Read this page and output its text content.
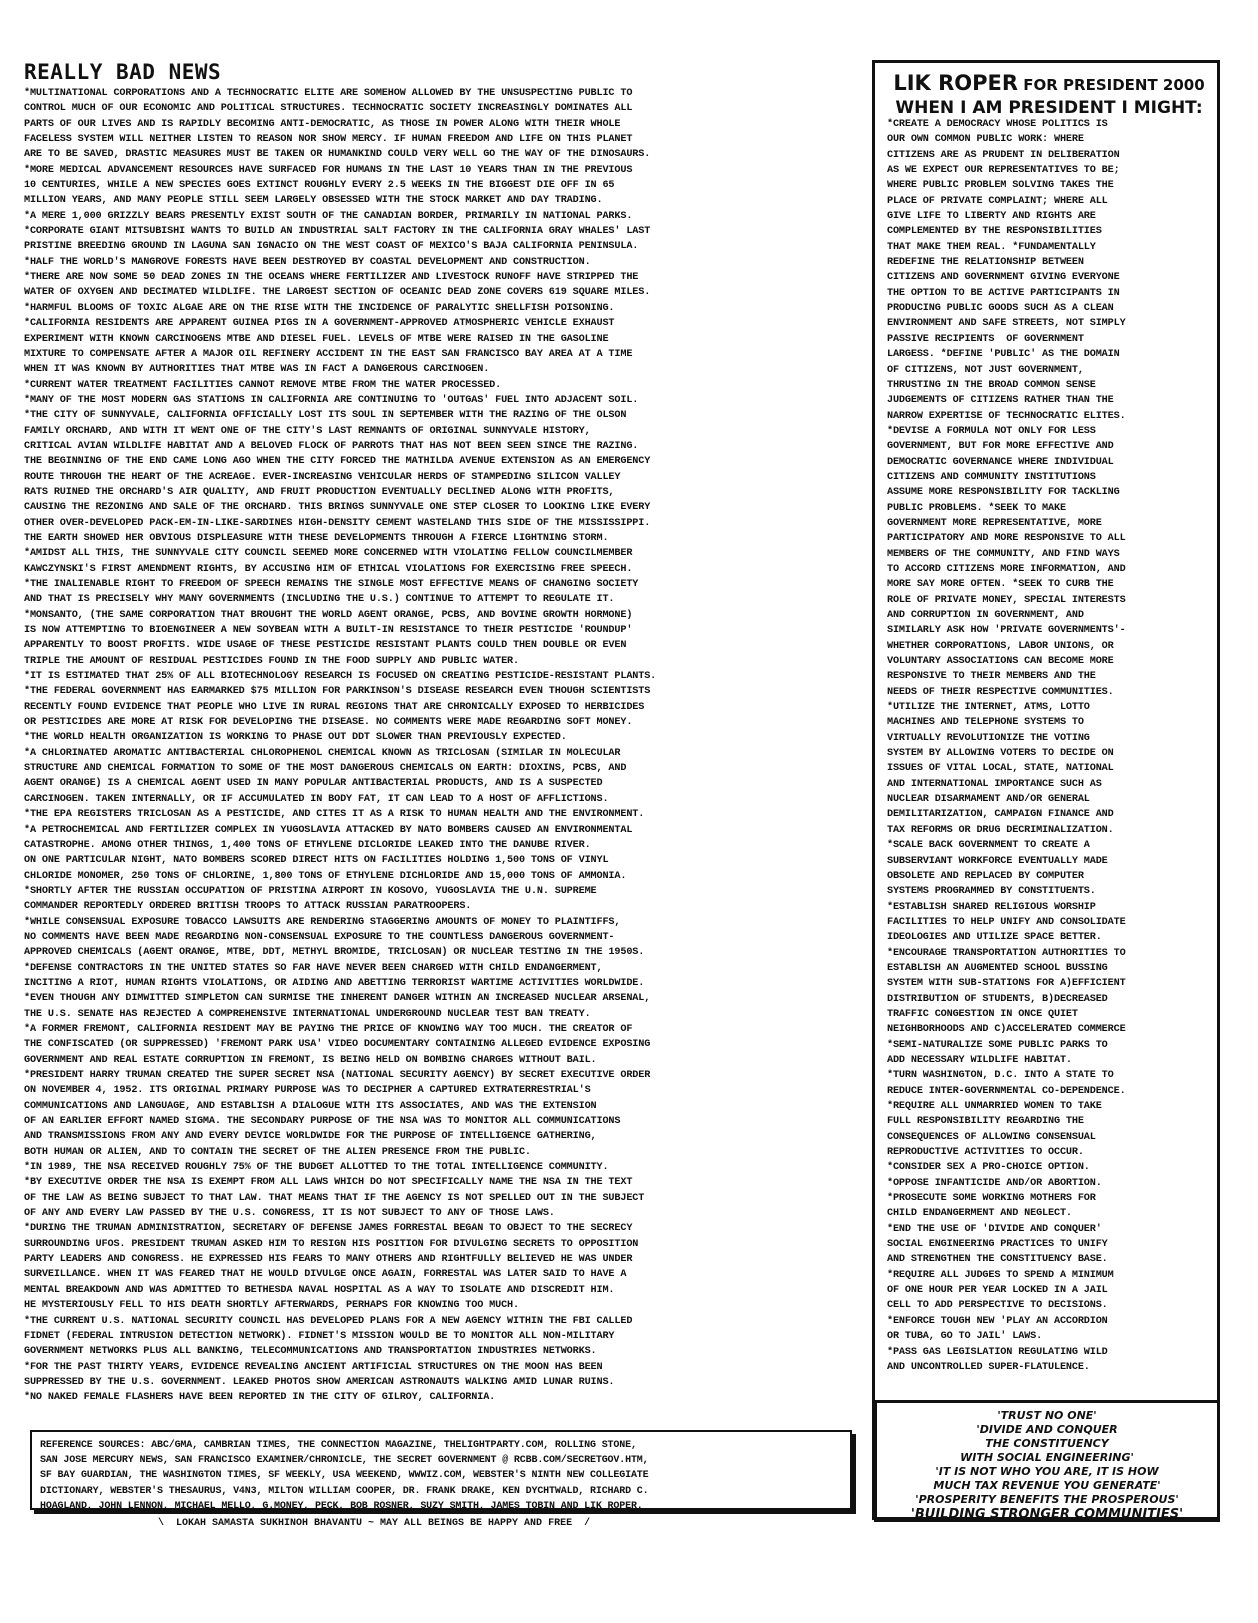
REALLY BAD NEWS
*MULTINATIONAL CORPORATIONS AND A TECHNOCRATIC ELITE ARE SOMEHOW ALLOWED BY THE UNSUSPECTING PUBLIC TO
CONTROL MUCH OF OUR ECONOMIC AND POLITICAL STRUCTURES. TECHNOCRATIC SOCIETY INCREASINGLY DOMINATES ALL
PARTS OF OUR LIVES AND IS RAPIDLY BECOMING ANTI-DEMOCRATIC, AS THOSE IN POWER ALONG WITH THEIR WHOLE
FACELESS SYSTEM WILL NEITHER LISTEN TO REASON NOR SHOW MERCY. IF HUMAN FREEDOM AND LIFE ON THIS PLANET
ARE TO BE SAVED, DRASTIC MEASURES MUST BE TAKEN OR HUMANKIND COULD VERY WELL GO THE WAY OF THE DINOSAURS.
*MORE MEDICAL ADVANCEMENT RESOURCES HAVE SURFACED FOR HUMANS IN THE LAST 10 YEARS THAN IN THE PREVIOUS
10 CENTURIES, WHILE A NEW SPECIES GOES EXTINCT ROUGHLY EVERY 2.5 WEEKS IN THE BIGGEST DIE OFF IN 65
MILLION YEARS, AND MANY PEOPLE STILL SEEM LARGELY OBSESSED WITH THE STOCK MARKET AND DAY TRADING.
*A MERE 1,000 GRIZZLY BEARS PRESENTLY EXIST SOUTH OF THE CANADIAN BORDER, PRIMARILY IN NATIONAL PARKS.
*CORPORATE GIANT MITSUBISHI WANTS TO BUILD AN INDUSTRIAL SALT FACTORY IN THE CALIFORNIA GRAY WHALES' LAST
PRISTINE BREEDING GROUND IN LAGUNA SAN IGNACIO ON THE WEST COAST OF MEXICO'S BAJA CALIFORNIA PENINSULA.
*HALF THE WORLD'S MANGROVE FORESTS HAVE BEEN DESTROYED BY COASTAL DEVELOPMENT AND CONSTRUCTION.
*THERE ARE NOW SOME 50 DEAD ZONES IN THE OCEANS WHERE FERTILIZER AND LIVESTOCK RUNOFF HAVE STRIPPED THE
WATER OF OXYGEN AND DECIMATED WILDLIFE. THE LARGEST SECTION OF OCEANIC DEAD ZONE COVERS 619 SQUARE MILES.
*HARMFUL BLOOMS OF TOXIC ALGAE ARE ON THE RISE WITH THE INCIDENCE OF PARALYTIC SHELLFISH POISONING.
*CALIFORNIA RESIDENTS ARE APPARENT GUINEA PIGS IN A GOVERNMENT-APPROVED ATMOSPHERIC VEHICLE EXHAUST
EXPERIMENT WITH KNOWN CARCINOGENS MTBE AND DIESEL FUEL. LEVELS OF MTBE WERE RAISED IN THE GASOLINE
MIXTURE TO COMPENSATE AFTER A MAJOR OIL REFINERY ACCIDENT IN THE EAST SAN FRANCISCO BAY AREA AT A TIME
WHEN IT WAS KNOWN BY AUTHORITIES THAT MTBE WAS IN FACT A DANGEROUS CARCINOGEN.
*CURRENT WATER TREATMENT FACILITIES CANNOT REMOVE MTBE FROM THE WATER PROCESSED.
*MANY OF THE MOST MODERN GAS STATIONS IN CALIFORNIA ARE CONTINUING TO 'OUTGAS' FUEL INTO ADJACENT SOIL.
*THE CITY OF SUNNYVALE, CALIFORNIA OFFICIALLY LOST ITS SOUL IN SEPTEMBER WITH THE RAZING OF THE OLSON
FAMILY ORCHARD, AND WITH IT WENT ONE OF THE CITY'S LAST REMNANTS OF ORIGINAL SUNNYVALE HISTORY,
CRITICAL AVIAN WILDLIFE HABITAT AND A BELOVED FLOCK OF PARROTS THAT HAS NOT BEEN SEEN SINCE THE RAZING.
THE BEGINNING OF THE END CAME LONG AGO WHEN THE CITY FORCED THE MATHILDA AVENUE EXTENSION AS AN EMERGENCY
ROUTE THROUGH THE HEART OF THE ACREAGE. EVER-INCREASING VEHICULAR HERDS OF STAMPEDING SILICON VALLEY
RATS RUINED THE ORCHARD'S AIR QUALITY, AND FRUIT PRODUCTION EVENTUALLY DECLINED ALONG WITH PROFITS,
CAUSING THE REZONING AND SALE OF THE ORCHARD. THIS BRINGS SUNNYVALE ONE STEP CLOSER TO LOOKING LIKE EVERY
OTHER OVER-DEVELOPED PACK-EM-IN-LIKE-SARDINES HIGH-DENSITY CEMENT WASTELAND THIS SIDE OF THE MISSISSIPPI.
THE EARTH SHOWED HER OBVIOUS DISPLEASURE WITH THESE DEVELOPMENTS THROUGH A FIERCE LIGHTNING STORM.
*AMIDST ALL THIS, THE SUNNYVALE CITY COUNCIL SEEMED MORE CONCERNED WITH VIOLATING FELLOW COUNCILMEMBER
KAWCZYNSKI'S FIRST AMENDMENT RIGHTS, BY ACCUSING HIM OF ETHICAL VIOLATIONS FOR EXERCISING FREE SPEECH.
*THE INALIENABLE RIGHT TO FREEDOM OF SPEECH REMAINS THE SINGLE MOST EFFECTIVE MEANS OF CHANGING SOCIETY
AND THAT IS PRECISELY WHY MANY GOVERNMENTS (INCLUDING THE U.S.) CONTINUE TO ATTEMPT TO REGULATE IT.
*MONSANTO, (THE SAME CORPORATION THAT BROUGHT THE WORLD AGENT ORANGE, PCBS, AND BOVINE GROWTH HORMONE)
IS NOW ATTEMPTING TO BIOENGINEER A NEW SOYBEAN WITH A BUILT-IN RESISTANCE TO THEIR PESTICIDE 'ROUNDUP'
APPARENTLY TO BOOST PROFITS. WIDE USAGE OF THESE PESTICIDE RESISTANT PLANTS COULD THEN DOUBLE OR EVEN
TRIPLE THE AMOUNT OF RESIDUAL PESTICIDES FOUND IN THE FOOD SUPPLY AND PUBLIC WATER.
*IT IS ESTIMATED THAT 25% OF ALL BIOTECHNOLOGY RESEARCH IS FOCUSED ON CREATING PESTICIDE-RESISTANT PLANTS.
*THE FEDERAL GOVERNMENT HAS EARMARKED $75 MILLION FOR PARKINSON'S DISEASE RESEARCH EVEN THOUGH SCIENTISTS
RECENTLY FOUND EVIDENCE THAT PEOPLE WHO LIVE IN RURAL REGIONS THAT ARE CHRONICALLY EXPOSED TO HERBICIDES
OR PESTICIDES ARE MORE AT RISK FOR DEVELOPING THE DISEASE. NO COMMENTS WERE MADE REGARDING SOFT MONEY.
*THE WORLD HEALTH ORGANIZATION IS WORKING TO PHASE OUT DDT SLOWER THAN PREVIOUSLY EXPECTED.
*A CHLORINATED AROMATIC ANTIBACTERIAL CHLOROPHENOL CHEMICAL KNOWN AS TRICLOSAN (SIMILAR IN MOLECULAR
STRUCTURE AND CHEMICAL FORMATION TO SOME OF THE MOST DANGEROUS CHEMICALS ON EARTH: DIOXINS, PCBS, AND
AGENT ORANGE) IS A CHEMICAL AGENT USED IN MANY POPULAR ANTIBACTERIAL PRODUCTS, AND IS A SUSPECTED
CARCINOGEN. TAKEN INTERNALLY, OR IF ACCUMULATED IN BODY FAT, IT CAN LEAD TO A HOST OF AFFLICTIONS.
*THE EPA REGISTERS TRICLOSAN AS A PESTICIDE, AND CITES IT AS A RISK TO HUMAN HEALTH AND THE ENVIRONMENT.
*A PETROCHEMICAL AND FERTILIZER COMPLEX IN YUGOSLAVIA ATTACKED BY NATO BOMBERS CAUSED AN ENVIRONMENTAL
CATASTROPHE. AMONG OTHER THINGS, 1,400 TONS OF ETHYLENE DICLORIDE LEAKED INTO THE DANUBE RIVER.
ON ONE PARTICULAR NIGHT, NATO BOMBERS SCORED DIRECT HITS ON FACILITIES HOLDING 1,500 TONS OF VINYL
CHLORIDE MONOMER, 250 TONS OF CHLORINE, 1,800 TONS OF ETHYLENE DICHLORIDE AND 15,000 TONS OF AMMONIA.
*SHORTLY AFTER THE RUSSIAN OCCUPATION OF PRISTINA AIRPORT IN KOSOVO, YUGOSLAVIA THE U.N. SUPREME
COMMANDER REPORTEDLY ORDERED BRITISH TROOPS TO ATTACK RUSSIAN PARATROOPERS.
*WHILE CONSENSUAL EXPOSURE TOBACCO LAWSUITS ARE RENDERING STAGGERING AMOUNTS OF MONEY TO PLAINTIFFS,
NO COMMENTS HAVE BEEN MADE REGARDING NON-CONSENSUAL EXPOSURE TO THE COUNTLESS DANGEROUS GOVERNMENT-
APPROVED CHEMICALS (AGENT ORANGE, MTBE, DDT, METHYL BROMIDE, TRICLOSAN) OR NUCLEAR TESTING IN THE 1950S.
*DEFENSE CONTRACTORS IN THE UNITED STATES SO FAR HAVE NEVER BEEN CHARGED WITH CHILD ENDANGERMENT,
INCITING A RIOT, HUMAN RIGHTS VIOLATIONS, OR AIDING AND ABETTING TERRORIST WARTIME ACTIVITIES WORLDWIDE.
*EVEN THOUGH ANY DIMWITTED SIMPLETON CAN SURMISE THE INHERENT DANGER WITHIN AN INCREASED NUCLEAR ARSENAL,
THE U.S. SENATE HAS REJECTED A COMPREHENSIVE INTERNATIONAL UNDERGROUND NUCLEAR TEST BAN TREATY.
*A FORMER FREMONT, CALIFORNIA RESIDENT MAY BE PAYING THE PRICE OF KNOWING WAY TOO MUCH. THE CREATOR OF
THE CONFISCATED (OR SUPPRESSED) 'FREMONT PARK USA' VIDEO DOCUMENTARY CONTAINING ALLEGED EVIDENCE EXPOSING
GOVERNMENT AND REAL ESTATE CORRUPTION IN FREMONT, IS BEING HELD ON BOMBING CHARGES WITHOUT BAIL.
*PRESIDENT HARRY TRUMAN CREATED THE SUPER SECRET NSA (NATIONAL SECURITY AGENCY) BY SECRET EXECUTIVE ORDER
ON NOVEMBER 4, 1952. ITS ORIGINAL PRIMARY PURPOSE WAS TO DECIPHER A CAPTURED EXTRATERRESTRIAL'S
COMMUNICATIONS AND LANGUAGE, AND ESTABLISH A DIALOGUE WITH ITS ASSOCIATES, AND WAS THE EXTENSION
OF AN EARLIER EFFORT NAMED SIGMA. THE SECONDARY PURPOSE OF THE NSA WAS TO MONITOR ALL COMMUNICATIONS
AND TRANSMISSIONS FROM ANY AND EVERY DEVICE WORLDWIDE FOR THE PURPOSE OF INTELLIGENCE GATHERING,
BOTH HUMAN OR ALIEN, AND TO CONTAIN THE SECRET OF THE ALIEN PRESENCE FROM THE PUBLIC.
*IN 1989, THE NSA RECEIVED ROUGHLY 75% OF THE BUDGET ALLOTTED TO THE TOTAL INTELLIGENCE COMMUNITY.
*BY EXECUTIVE ORDER THE NSA IS EXEMPT FROM ALL LAWS WHICH DO NOT SPECIFICALLY NAME THE NSA IN THE TEXT
OF THE LAW AS BEING SUBJECT TO THAT LAW. THAT MEANS THAT IF THE AGENCY IS NOT SPELLED OUT IN THE SUBJECT
OF ANY AND EVERY LAW PASSED BY THE U.S. CONGRESS, IT IS NOT SUBJECT TO ANY OF THOSE LAWS.
*DURING THE TRUMAN ADMINISTRATION, SECRETARY OF DEFENSE JAMES FORRESTAL BEGAN TO OBJECT TO THE SECRECY
SURROUNDING UFOS. PRESIDENT TRUMAN ASKED HIM TO RESIGN HIS POSITION FOR DIVULGING SECRETS TO OPPOSITION
PARTY LEADERS AND CONGRESS. HE EXPRESSED HIS FEARS TO MANY OTHERS AND RIGHTFULLY BELIEVED HE WAS UNDER
SURVEILLANCE. WHEN IT WAS FEARED THAT HE WOULD DIVULGE ONCE AGAIN, FORRESTAL WAS LATER SAID TO HAVE A
MENTAL BREAKDOWN AND WAS ADMITTED TO BETHESDA NAVAL HOSPITAL AS A WAY TO ISOLATE AND DISCREDIT HIM.
HE MYSTERIOUSLY FELL TO HIS DEATH SHORTLY AFTERWARDS, PERHAPS FOR KNOWING TOO MUCH.
*THE CURRENT U.S. NATIONAL SECURITY COUNCIL HAS DEVELOPED PLANS FOR A NEW AGENCY WITHIN THE FBI CALLED
FIDNET (FEDERAL INTRUSION DETECTION NETWORK). FIDNET'S MISSION WOULD BE TO MONITOR ALL NON-MILITARY
GOVERNMENT NETWORKS PLUS ALL BANKING, TELECOMMUNICATIONS AND TRANSPORTATION INDUSTRIES NETWORKS.
*FOR THE PAST THIRTY YEARS, EVIDENCE REVEALING ANCIENT ARTIFICIAL STRUCTURES ON THE MOON HAS BEEN
SUPPRESSED BY THE U.S. GOVERNMENT. LEAKED PHOTOS SHOW AMERICAN ASTRONAUTS WALKING AMID LUNAR RUINS.
*NO NAKED FEMALE FLASHERS HAVE BEEN REPORTED IN THE CITY OF GILROY, CALIFORNIA.
REFERENCE SOURCES: ABC/GMA, CAMBRIAN TIMES, THE CONNECTION MAGAZINE, THELIGHTPARTY.COM, ROLLING STONE,
SAN JOSE MERCURY NEWS, SAN FRANCISCO EXAMINER/CHRONICLE, THE SECRET GOVERNMENT @ RCBB.COM/SECRETGOV.HTM,
SF BAY GUARDIAN, THE WASHINGTON TIMES, SF WEEKLY, USA WEEKEND, WWWIZ.COM, WEBSTER'S NINTH NEW COLLEGIATE
DICTIONARY, WEBSTER'S THESAURUS, V4N3, MILTON WILLIAM COOPER, DR. FRANK DRAKE, KEN DYCHTWALD, RICHARD C.
HOAGLAND, JOHN LENNON, MICHAEL MELLO, G.MONEY, PECK, BOB ROSNER, SUZY SMITH, JAMES TOBIN AND LIK ROPER.
\  LOKAH SAMASTA SUKHINOH BHAVANTU ~ MAY ALL BEINGS BE HAPPY AND FREE  /
LIK ROPER FOR PRESIDENT 2000
WHEN I AM PRESIDENT I MIGHT:
*CREATE A DEMOCRACY WHOSE POLITICS IS
OUR OWN COMMON PUBLIC WORK: WHERE
CITIZENS ARE AS PRUDENT IN DELIBERATION
AS WE EXPECT OUR REPRESENTATIVES TO BE;
WHERE PUBLIC PROBLEM SOLVING TAKES THE
PLACE OF PRIVATE COMPLAINT; WHERE ALL
GIVE LIFE TO LIBERTY AND RIGHTS ARE
COMPLEMENTED BY THE RESPONSIBILITIES
THAT MAKE THEM REAL. *FUNDAMENTALLY
REDEFINE THE RELATIONSHIP BETWEEN
CITIZENS AND GOVERNMENT GIVING EVERYONE
THE OPTION TO BE ACTIVE PARTICIPANTS IN
PRODUCING PUBLIC GOODS SUCH AS A CLEAN
ENVIRONMENT AND SAFE STREETS, NOT SIMPLY
PASSIVE RECIPIENTS  OF GOVERNMENT
LARGESS. *DEFINE 'PUBLIC' AS THE DOMAIN
OF CITIZENS, NOT JUST GOVERNMENT,
THRUSTING IN THE BROAD COMMON SENSE
JUDGEMENTS OF CITIZENS RATHER THAN THE
NARROW EXPERTISE OF TECHNOCRATIC ELITES.
*DEVISE A FORMULA NOT ONLY FOR LESS
GOVERNMENT, BUT FOR MORE EFFECTIVE AND
DEMOCRATIC GOVERNANCE WHERE INDIVIDUAL
CITIZENS AND COMMUNITY INSTITUTIONS
ASSUME MORE RESPONSIBILITY FOR TACKLING
PUBLIC PROBLEMS. *SEEK TO MAKE
GOVERNMENT MORE REPRESENTATIVE, MORE
PARTICIPATORY AND MORE RESPONSIVE TO ALL
MEMBERS OF THE COMMUNITY, AND FIND WAYS
TO ACCORD CITIZENS MORE INFORMATION, AND
MORE SAY MORE OFTEN. *SEEK TO CURB THE
ROLE OF PRIVATE MONEY, SPECIAL INTERESTS
AND CORRUPTION IN GOVERNMENT, AND
SIMILARLY ASK HOW 'PRIVATE GOVERNMENTS'-
WHETHER CORPORATIONS, LABOR UNIONS, OR
VOLUNTARY ASSOCIATIONS CAN BECOME MORE
RESPONSIVE TO THEIR MEMBERS AND THE
NEEDS OF THEIR RESPECTIVE COMMUNITIES.
*UTILIZE THE INTERNET, ATMS, LOTTO
MACHINES AND TELEPHONE SYSTEMS TO
VIRTUALLY REVOLUTIONIZE THE VOTING
SYSTEM BY ALLOWING VOTERS TO DECIDE ON
ISSUES OF VITAL LOCAL, STATE, NATIONAL
AND INTERNATIONAL IMPORTANCE SUCH AS
NUCLEAR DISARMAMENT AND/OR GENERAL
DEMILITARIZATION, CAMPAIGN FINANCE AND
TAX REFORMS OR DRUG DECRIMINALIZATION.
*SCALE BACK GOVERNMENT TO CREATE A
SUBSERVIANT WORKFORCE EVENTUALLY MADE
OBSOLETE AND REPLACED BY COMPUTER
SYSTEMS PROGRAMMED BY CONSTITUENTS.
*ESTABLISH SHARED RELIGIOUS WORSHIP
FACILITIES TO HELP UNIFY AND CONSOLIDATE
IDEOLOGIES AND UTILIZE SPACE BETTER.
*ENCOURAGE TRANSPORTATION AUTHORITIES TO
ESTABLISH AN AUGMENTED SCHOOL BUSSING
SYSTEM WITH SUB-STATIONS FOR A)EFFICIENT
DISTRIBUTION OF STUDENTS, B)DECREASED
TRAFFIC CONGESTION IN ONCE QUIET
NEIGHBORHOODS AND C)ACCELERATED COMMERCE
*SEMI-NATURALIZE SOME PUBLIC PARKS TO
ADD NECESSARY WILDLIFE HABITAT.
*TURN WASHINGTON, D.C. INTO A STATE TO
REDUCE INTER-GOVERNMENTAL CO-DEPENDENCE.
*REQUIRE ALL UNMARRIED WOMEN TO TAKE
FULL RESPONSIBILITY REGARDING THE
CONSEQUENCES OF ALLOWING CONSENSUAL
REPRODUCTIVE ACTIVITIES TO OCCUR.
*CONSIDER SEX A PRO-CHOICE OPTION.
*OPPOSE INFANTICIDE AND/OR ABORTION.
*PROSECUTE SOME WORKING MOTHERS FOR
CHILD ENDANGERMENT AND NEGLECT.
*END THE USE OF 'DIVIDE AND CONQUER'
SOCIAL ENGINEERING PRACTICES TO UNIFY
AND STRENGTHEN THE CONSTITUENCY BASE.
*REQUIRE ALL JUDGES TO SPEND A MINIMUM
OF ONE HOUR PER YEAR LOCKED IN A JAIL
CELL TO ADD PERSPECTIVE TO DECISIONS.
*ENFORCE TOUGH NEW 'PLAY AN ACCORDION
OR TUBA, GO TO JAIL' LAWS.
*PASS GAS LEGISLATION REGULATING WILD
AND UNCONTROLLED SUPER-FLATULENCE.
'TRUST NO ONE'
'DIVIDE AND CONQUER
THE CONSTITUENCY
WITH SOCIAL ENGINEERING'
'IT IS NOT WHO YOU ARE, IT IS HOW
MUCH TAX REVENUE YOU GENERATE'
'PROSPERITY BENEFITS THE PROSPEROUS'
'BUILDING STRONGER COMMUNITIES'
